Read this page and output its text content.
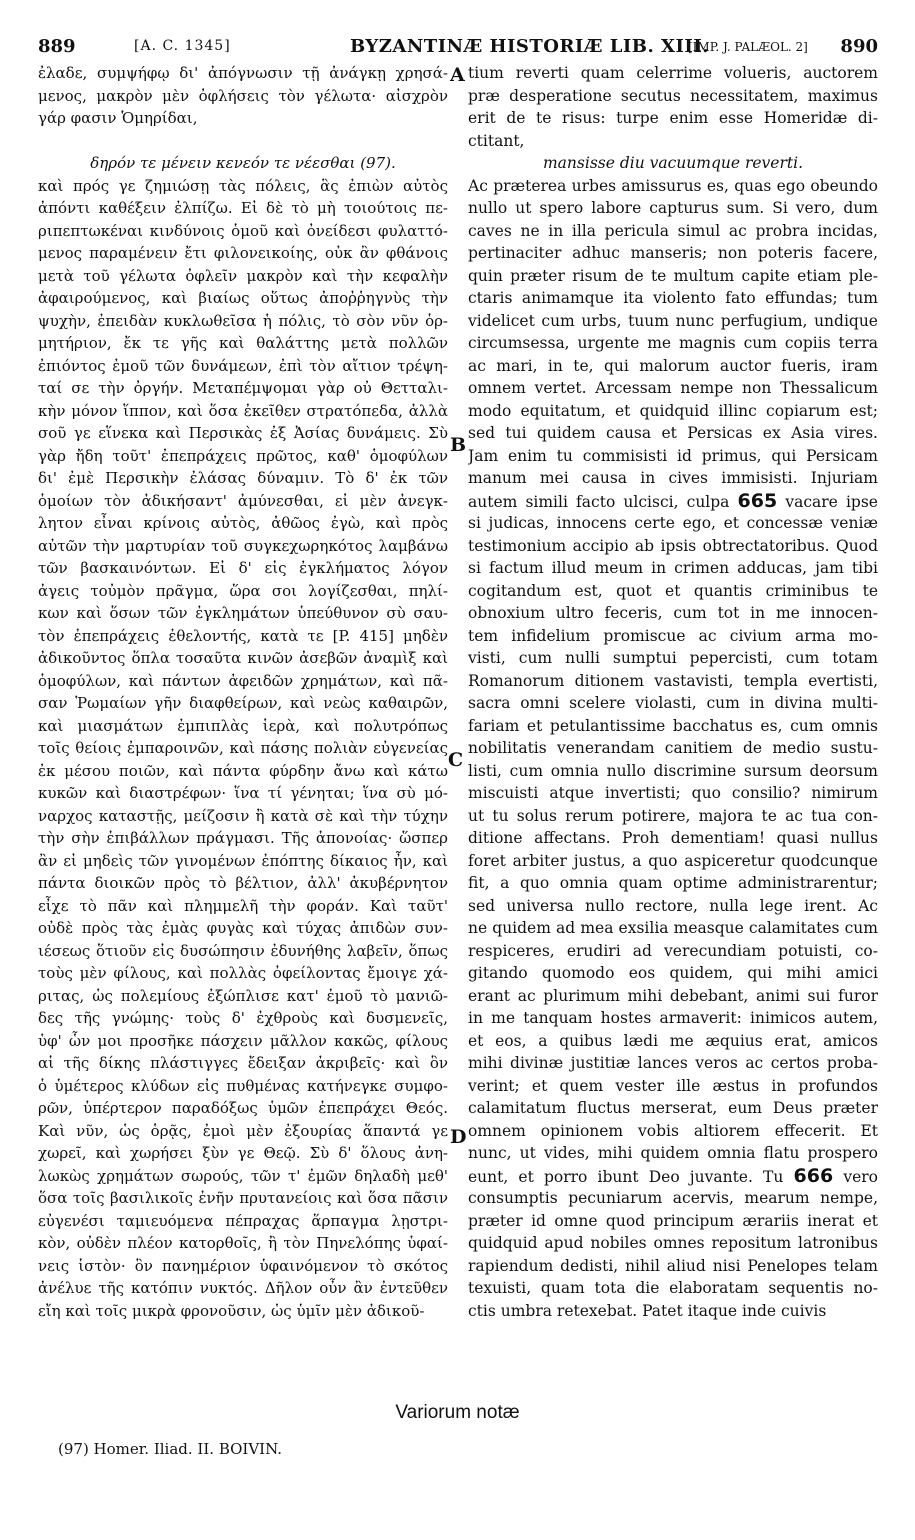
889	[A. C. 1345]	BYZANTINÆ HISTORIÆ LIB. XIII.
[IMP. J. PALÆOL. 2] 890
A
B
C
D
ἐλαδε, συμψήφῳ δι' ἀπόγνωσιν τῇ ἀνάγκῃ χρησά-
μενος, μακρὸν μὲν ὀφλήσεις τὸν γέλωτα· αἰσχρὸν
γάρ φασιν Ὁμηρίδαι,
δηρόν τε μένειν κενεόν τε νέεσθαι (97).
καὶ πρός γε ζημιώσῃ τὰς πόλεις, ἃς ἐπιὼν αὐτὸς
ἀπόντι καθέξειν ἐλπίζω. Εἰ δὲ τὸ μὴ τοιούτοις πε-
ριπεπτωκέναι κινδύνοις ὁμοῦ καὶ ὀνείδεσι φυλαττό-
μενος παραμένειν ἔτι φιλονεικοίης, οὐκ ἂν φθάνοις
μετὰ τοῦ γέλωτα ὀφλεῖν μακρὸν καὶ τὴν κεφαλὴν
ἀφαιρούμενος, καὶ βιαίως οὕτως ἀποῤῥηγνὺς τὴν
ψυχὴν, ἐπειδὰν κυκλωθεῖσα ἡ πόλις, τὸ σὸν νῦν ὁρ-
μητήριον, ἔκ τε γῆς καὶ θαλάττης μετὰ πολλῶν
ἐπιόντος ἐμοῦ τῶν δυνάμεων, ἐπὶ τὸν αἴτιον τρέψη-
ταί σε τὴν ὀργήν. Μεταπέμψομαι γὰρ οὐ Θετταλι-
κὴν μόνον ἵππον, καὶ ὅσα ἐκεῖθεν στρατόπεδα, ἀλλὰ
σοῦ γε εἵνεκα καὶ Περσικὰς ἐξ Ἀσίας δυνάμεις. Σὺ
γὰρ ἤδη τοῦτ' ἐπεπράχεις πρῶτος, καθ' ὁμοφύλων
δι' ἐμὲ Περσικὴν ἐλάσας δύναμιν. Τὸ δ' ἐκ τῶν
ὁμοίων τὸν ἀδικήσαντ' ἀμύνεσθαι, εἰ μὲν ἀνεγκ-
λητον εἶναι κρίνοις αὐτὸς, ἀθῶος ἐγὼ, καὶ πρὸς
αὐτῶν τὴν μαρτυρίαν τοῦ συγκεχωρηκότος λαμβάνω
τῶν βασκαινόντων. Εἰ δ' εἰς ἐγκλήματος λόγον
ἀγεις τοὐμὸν πρᾶγμα, ὥρα σοι λογίζεσθαι, πηλί-
κων καὶ ὅσων τῶν ἐγκλημάτων ὑπεύθυνον σὺ σαυ-
τὸν ἐπεπράχεις ἐθελοντής, κατὰ τε [P. 415] μηδὲν
ἀδικοῦντος ὅπλα τοσαῦτα κινῶν ἀσεβῶν ἀναμὶξ καὶ
ὁμοφύλων, καὶ πάντων ἀφειδῶν χρημάτων, καὶ πᾶ-
σαν Ῥωμαίων γῆν διαφθείρων, καὶ νεὼς καθαιρῶν,
καὶ μιασμάτων ἐμπιπλὰς ἱερὰ, καὶ πολυτρόπως
τοῖς θείοις ἐμπαροινῶν, καὶ πάσης πολιὰν εὐγενείας
ἐκ μέσου ποιῶν, καὶ πάντα φύρδην ἄνω καὶ κάτω
κυκῶν καὶ διαστρέφων· ἵνα τί γένηται; ἵνα σὺ μό-
ναρχος καταστῇς, μείζοσιν ἢ κατὰ σὲ καὶ τὴν τύχην
τὴν σὴν ἐπιβάλλων πράγμασι. Τῆς ἀπονοίας· ὥσπερ
ἂν εἰ μηδεὶς τῶν γινομένων ἐπόπτης δίκαιος ἦν, καὶ
πάντα διοικῶν πρὸς τὸ βέλτιον, ἀλλ' ἀκυβέρνητον
εἶχε τὸ πᾶν καὶ πλημμελῆ τὴν φοράν. Καὶ ταῦτ'
οὐδὲ πρὸς τὰς ἐμὰς φυγὰς καὶ τύχας ἀπιδὼν συν-
ιέσεως ὅτιοῦν εἰς δυσώπησιν ἐδυνήθης λαβεῖν, ὅπως
τοὺς μὲν φίλους, καὶ πολλὰς ὀφείλοντας ἔμοιγε χά-
ριτας, ὡς πολεμίους ἐξώπλισε κατ' ἐμοῦ τὸ μανιῶ-
δες τῆς γνώμης· τοὺς δ' ἐχθροὺς καὶ δυσμενεῖς,
ὑφ' ὧν μοι προσῆκε πάσχειν μᾶλλον κακῶς, φίλους
αἱ τῆς δίκης πλάστιγγες ἔδειξαν ἀκριβεῖς· καὶ ὃν
ὁ ὑμέτερος κλύδων εἰς πυθμένας κατήνεγκε συμφο-
ρῶν, ὑπέρτερον παραδόξως ὑμῶν ἐπεπράχει Θεός.
Καὶ νῦν, ὡς ὁρᾷς, ἐμοὶ μὲν ἐξουρίας ἅπαντά γε
χωρεῖ, καὶ χωρήσει ξὺν γε Θεῷ. Σὺ δ' ὅλους ἀνη-
λωκὼς χρημάτων σωρούς, τῶν τ' ἐμῶν δηλαδὴ μεθ'
ὅσα τοῖς βασιλικοῖς ἐνῆν πρυτανείοις καὶ ὅσα πᾶσιν
εὐγενέσι ταμιευόμενα πέπραχας ἅρπαγμα λῃστρι-
κὸν, οὐδὲν πλέον κατορθοῖς, ἢ τὸν Πηνελόπης ὑφαί-
νεις ἱστὸν· ὃν πανημέριον ὑφαινόμενον τὸ σκότος
ἀνέλυε τῆς κατόπιν νυκτός. Δῆλον οὖν ἂν ἐντεῦθεν
εἴη καὶ τοῖς μικρὰ φρονοῦσιν, ὡς ὑμῖν μὲν ἀδικοῦ-
tium reverti quam celerrime volueris, auctorem
præ desperatione secutus necessitatem, maximus
erit de te risus: turpe enim esse Homeridæ di-
ctitant,
mansisse diu vacuumque reverti.
Ac præterea urbes amissurus es, quas ego obeundo
nullo ut spero labore capturus sum. Si vero, dum
caves ne in illa pericula simul ac probra incidas,
pertinaciter adhuc manseris; non poteris facere,
quin præter risum de te multum capite etiam ple-
ctaris animamque ita violento fato effundas; tum
videlicet cum urbs, tuum nunc perfugium, undique
circumsessa, urgente me magnis cum copiis terra
ac mari, in te, qui malorum auctor fueris, iram
omnem vertet. Arcessam nempe non Thessalicum
modo equitatum, et quidquid illinc copiarum est;
sed tui quidem causa et Persicas ex Asia vires.
Jam enim tu commisisti id primus, qui Persicam
manum mei causa in cives immisisti. Injuriam
autem simili facto ulcisci, culpa 665 vacare ipse
si judicas, innocens certe ego, et concessæ veniæ
testimonium accipio ab ipsis obtrectatoribus. Quod
si factum illud meum in crimen adducas, jam tibi
cogitandum est, quot et quantis criminibus te
obnoxium ultro feceris, cum tot in me innocen-
tem infidelium promiscue ac civium arma mo-
visti, cum nulli sumptui pepercisti, cum totam
Romanorum ditionem vastavisti, templa evertisti,
sacra omni scelere violasti, cum in divina multi-
fariam et petulantissime bacchatus es, cum omnis
nobilitatis venerandam canitiem de medio sustu-
listi, cum omnia nullo discrimine sursum deorsum
miscuisti atque invertisti; quo consilio? nimirum
ut tu solus rerum potirere, majora te ac tua con-
ditione affectans. Proh dementiam! quasi nullus
foret arbiter justus, a quo aspiceretur quodcunque
fit, a quo omnia quam optime administrarentur;
sed universa nullo rectore, nulla lege irent. Ac
ne quidem ad mea exsilia measque calamitates cum
respiceres, erudiri ad verecundiam potuisti, co-
gitando quomodo eos quidem, qui mihi amici
erant ac plurimum mihi debebant, animi sui furor
in me tanquam hostes armaverit: inimicos autem,
et eos, a quibus lædi me æquius erat, amicos
mihi divinæ justitiæ lances veros ac certos proba-
verint; et quem vester ille æstus in profundos
calamitatum fluctus merserat, eum Deus præter
omnem opinionem vobis altiorem effecerit. Et
nunc, ut vides, mihi quidem omnia flatu prospero
eunt, et porro ibunt Deo juvante. Tu 666 vero
consumptis pecuniarum acervis, mearum nempe,
præter id omne quod principum ærariis inerat et
quidquid apud nobiles omnes repositum latronibus
rapiendum dedisti, nihil aliud nisi Penelopes telam
texuisti, quam tota die elaboratam sequentis no-
ctis umbra retexebat. Patet itaque inde cuivis
Variorum notæ
(97) Homer. Iliad. II. BOIVIN.
